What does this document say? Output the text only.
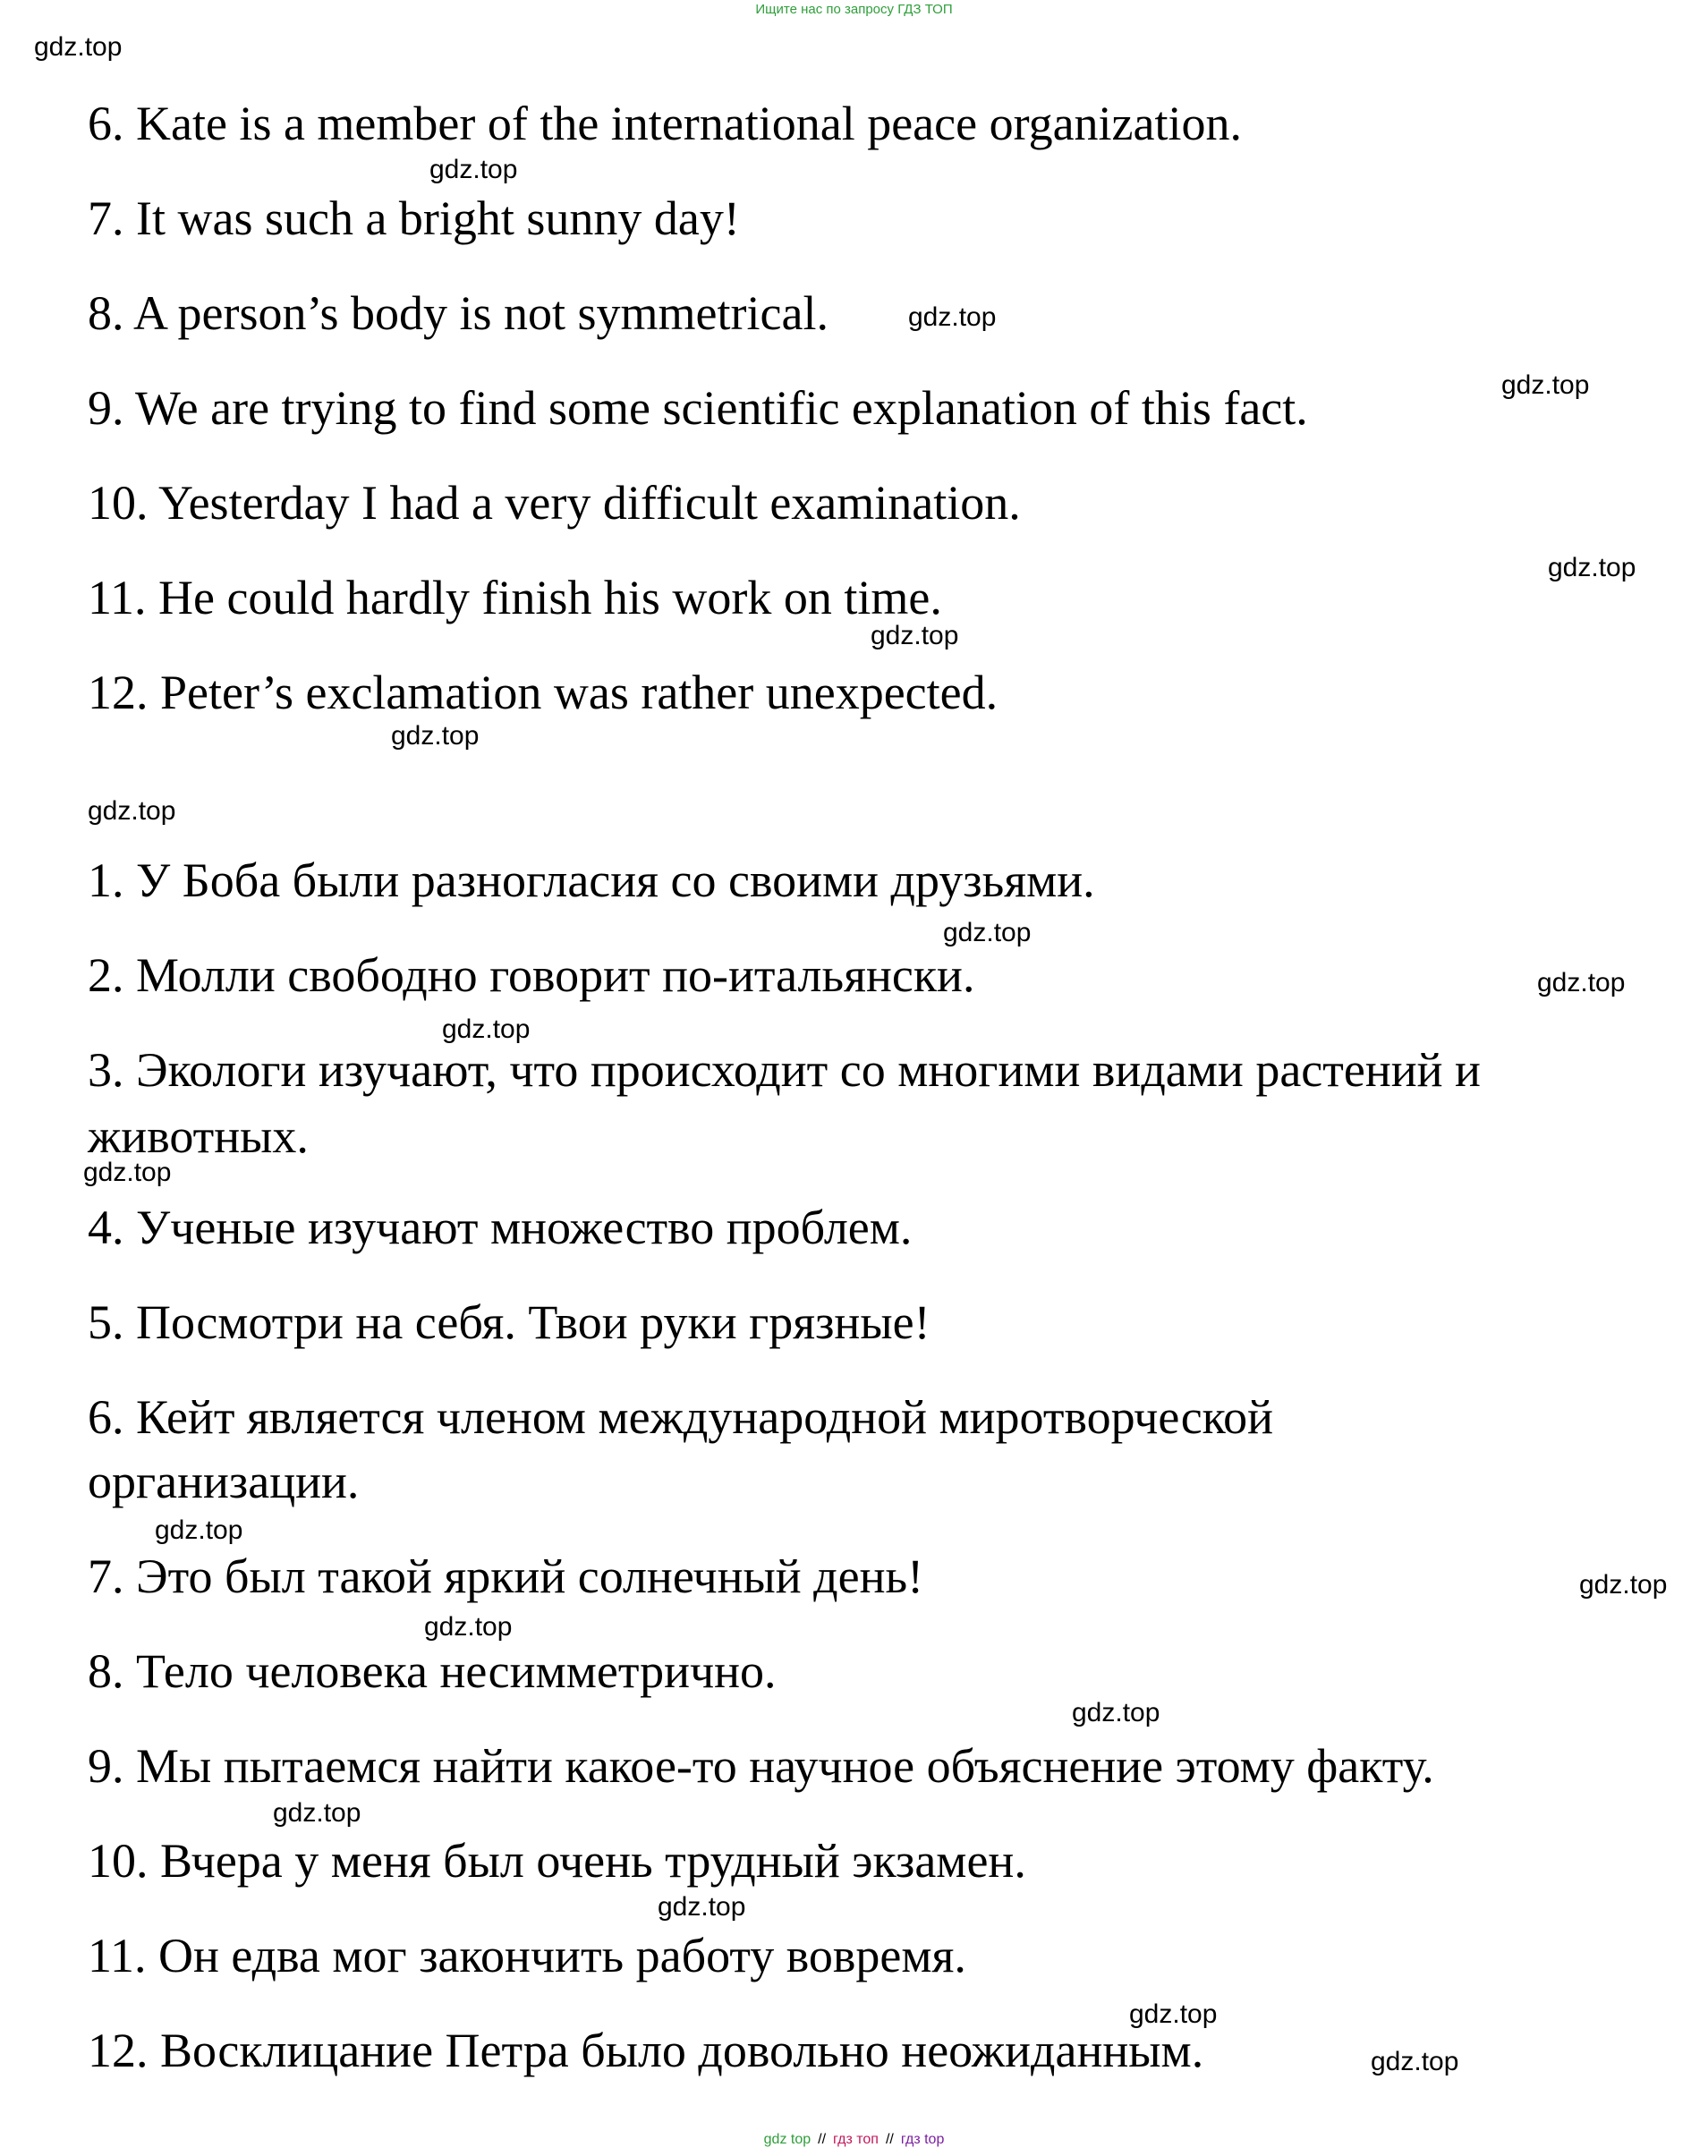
Ищите нас по запросу ГДЗ ТОП
6. Kate is a member of the international peace organization.
7. It was such a bright sunny day!
8. A person’s body is not symmetrical.
9. We are trying to find some scientific explanation of this fact.
10. Yesterday I had a very difficult examination.
11. He could hardly finish his work on time.
12. Peter’s exclamation was rather unexpected.
1. У Боба были разногласия со своими друзьями.
2. Молли свободно говорит по-итальянски.
3. Экологи изучают, что происходит со многими видами растений и
животных.
4. Ученые изучают множество проблем.
5. Посмотри на себя. Твои руки грязные!
6. Кейт является членом международной миротворческой
организации.
7. Это был такой яркий солнечный день!
8. Тело человека несимметрично.
9. Мы пытаемся найти какое-то научное объяснение этому факту.
10. Вчера у меня был очень трудный экзамен.
11. Он едва мог закончить работу вовремя.
12. Восклицание Петра было довольно неожиданным.
gdz.top
gdz.top
gdz.top
gdz.top
gdz.top
gdz.top
gdz.top
gdz.top
gdz.top
gdz.top
gdz.top
gdz.top
gdz.top
gdz.top
gdz.top
gdz.top
gdz.top
gdz.top
gdz.top
gdz.top
gdz top // гдз топ // гдз top
